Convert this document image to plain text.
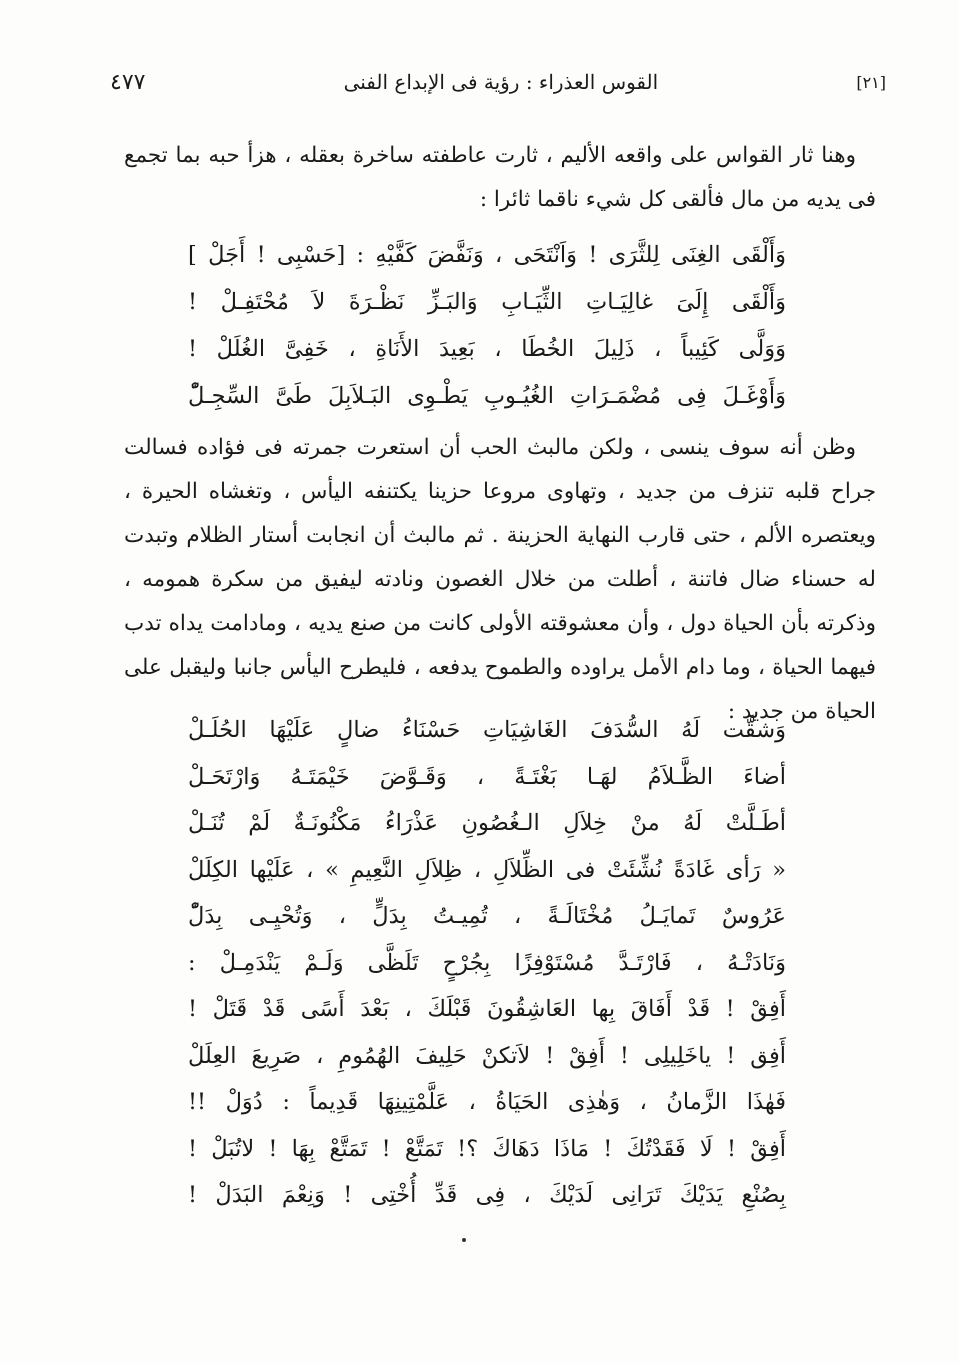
[٢١]
القوس العذراء : رؤية فى الإبداع الفنى
٤٧٧

وهنا ثار القواس على واقعه الأليم ، ثارت عاطفته ساخرة بعقله ، هزأ حبه بما تجمع فى يديه من مال فألقى كل شيء ناقما ثائرا :

وَأَلْقَى الغِنَى لِلثَّرَى ! وَاَنْتَحَى ، وَنَفَّضَ كَفَّيْهِ : [حَسْبِى ! أَجَلْ ]
وَأَلْقَى إِلَىَ غالِيَـاتِ الثِّيَـابِ وَالبَـزِّ نَظْـرَةَ لاَ مُحْتَفِـلْ !
وَوَلَّى كَئِيباً ، ذَلِيلَ الخُطَا ، بَعِيدَ الأَنَاةِ ، خَفِىَّ الغُلَلْ !
وَأَوْغَـلَ فِى مُضْمَـرَاتِ الغُيُـوبِ يَطْـوِى البَـلاَبِلَ طَىَّ السِّجِـلّْ

وظن أنه سوف ينسى ، ولكن مالبث الحب أن استعرت جمرته فى فؤاده فسالت جراح قلبه تنزف من جديد ، وتهاوى مروعا حزينا يكتنفه اليأس ، وتغشاه الحيرة ، ويعتصره الألم ، حتى قارب النهاية الحزينة . ثم مالبث أن انجابت أستار الظلام وتبدت له حسناء ضال فاتنة ، أطلت من خلال الغصون ونادته ليفيق من سكرة همومه ، وذكرته بأن الحياة دول ، وأن معشوقته الأولى كانت من صنع يديه ، ومادامت يداه تدب فيهما الحياة ، وما دام الأمل يراوده والطموح يدفعه ، فليطرح اليأس جانبا وليقبل على الحياة من جديد :

وَشقَّت لَهُ السُّدَفَ الغَاشِيَاتِ حَسْنَاءُ ضالٍ عَلَيْهَا الحُلَـلْ
أضاءَ الظَّـلاَمُ لهَـا بَغْتَـةً ، وَقَـوَّضَ خَيْمَتَـهُ وَارْتَحَـلْ
أطَـلَّتْ لَهُ منْ خِلاَلِ الـغُصُونِ عَذْرَاءُ مَكْنُونَـةٌ لَمْ تُنَـلْ
« رَأى غَادَةً نُشِّئَتْ فى الظِّلاَلِ ، ظِلاَلِ النَّعِيمِ » ، عَلَيْها الكِلَلْ
عَرُوسٌ تَمايَـلُ مُخْتَالَـةً ، تُمِيـتُ بِدَلٍّ ، وَتُحْيِـى بِدَلّْ
وَنَادَتْـهُ ، فَارْتَـدَّ مُسْتَوْفِزًا بِجُرْحٍ تَلَظَّى وَلَـمْ يَنْدَمِـلْ :
أَفِقْ ! قَدْ أَفَاقَ بِها العَاشِقُونَ قَبْلَكَ ، بَعْدَ أَسًى قَدْ قَتَلْ !
أَفِق ! ياخَلِيلِى ! أَفِقْ ! لاَتكنْ حَلِيفَ الهُمُومِ ، صَرِيعَ العِلَلْ
فَهٰذَا الزَّمانُ ، وَهٰذِى الحَيَاةُ ، عَلَّمْتِينِهَا قَدِيماً : دُوَلْ !!
أَفِقْ ! لَا فَقَدْتُكَ ! مَاذَا دَهَاكَ ؟! تَمَتَّعْ ! تَمَتَّعْ بِهَا ! لاتُبَلْ !
بِصُنْعِ يَدَيْكَ تَرَانِى لَدَيْكَ ، فِى قَدِّ أُخْتِى ! وَنِعْمَ البَدَلْ !
